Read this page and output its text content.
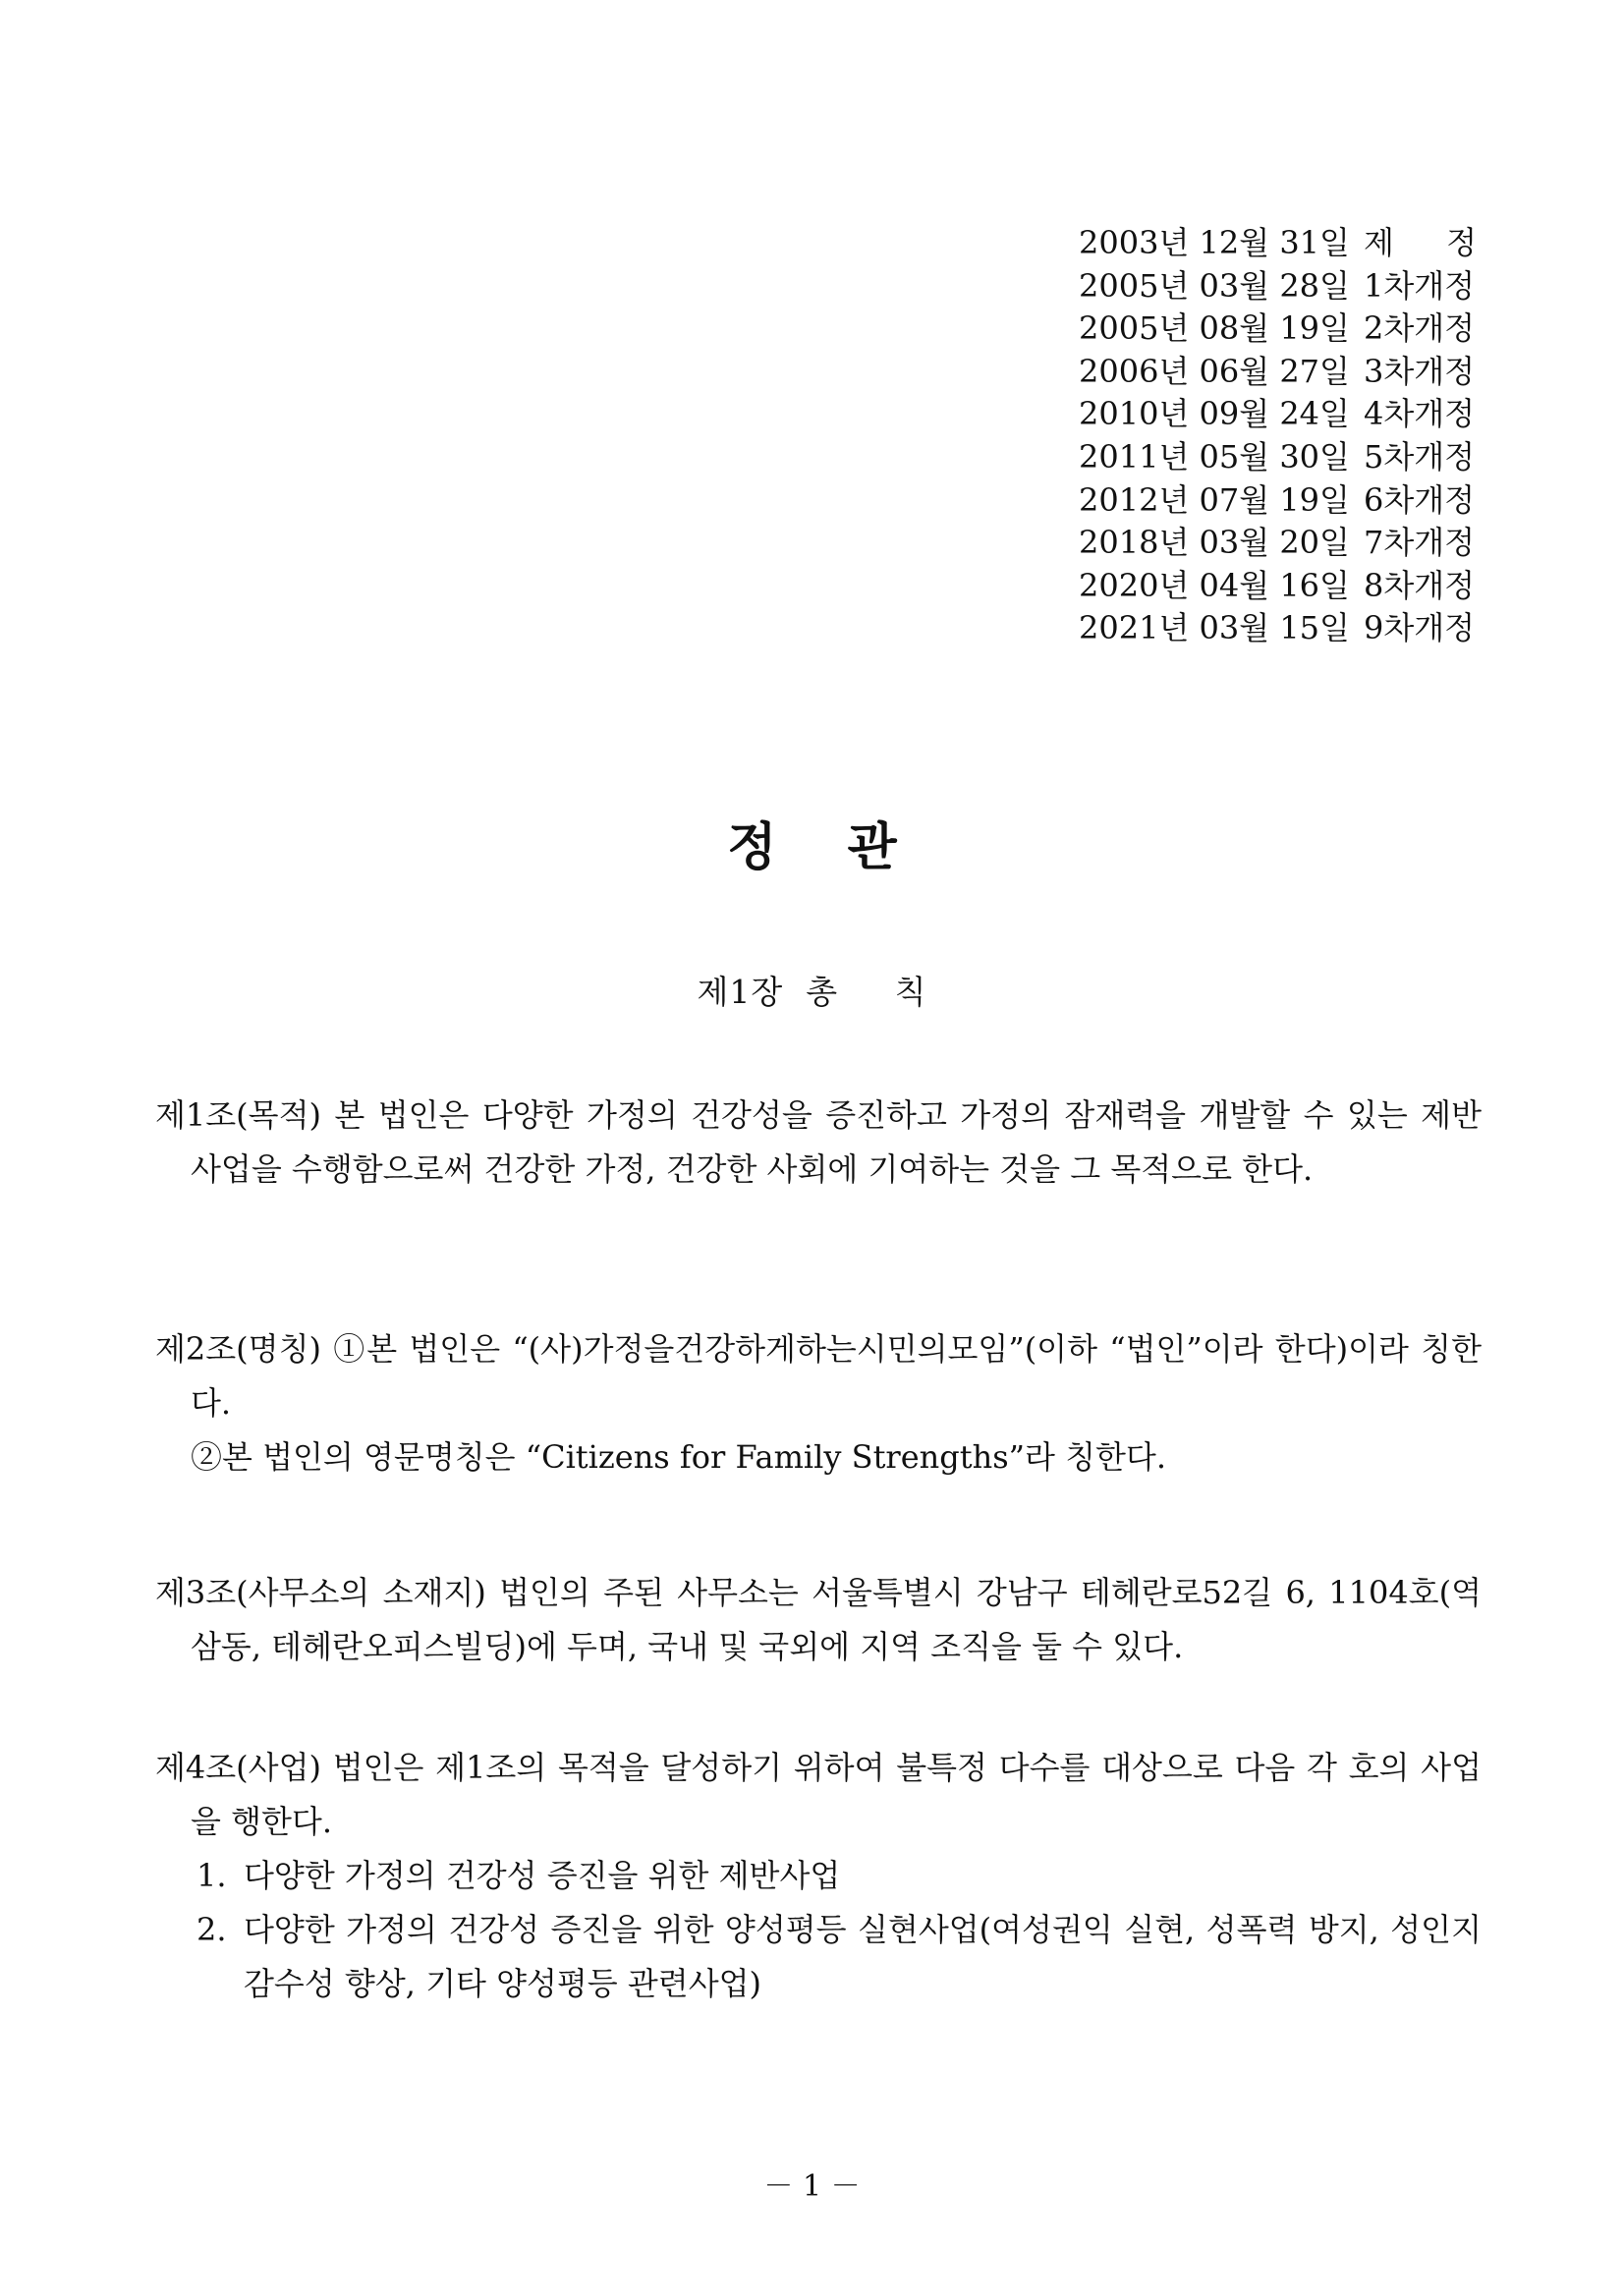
2003년 12월 31일 제 정
2005년 03월 28일 1차개정
2005년 08월 19일 2차개정
2006년 06월 27일 3차개정
2010년 09월 24일 4차개정
2011년 05월 30일 5차개정
2012년 07월 19일 6차개정
2018년 03월 20일 7차개정
2020년 04월 16일 8차개정
2021년 03월 15일 9차개정
정관
제1장  총     칙

제1조(목적) 본 법인은 다양한 가정의 건강성을 증진하고 가정의 잠재력을 개발할 수 있는 제반 사업을 수행함으로써 건강한 가정, 건강한 사회에 기여하는 것을 그 목적으로 한다.

제2조(명칭) ①본 법인은 “(사)가정을건강하게하는시민의모임”(이하 “법인”이라 한다)이라 칭한다.

②본 법인의 영문명칭은 “Citizens for Family Strengths”라 칭한다.

제3조(사무소의 소재지) 법인의 주된 사무소는 서울특별시 강남구 테헤란로52길 6, 1104호(역삼동, 테헤란오피스빌딩)에 두며, 국내 및 국외에 지역 조직을 둘 수 있다.

제4조(사업) 법인은 제1조의 목적을 달성하기 위하여 불특정 다수를 대상으로 다음 각 호의 사업을 행한다.

1. 다양한 가정의 건강성 증진을 위한 제반사업
2. 다양한 가정의 건강성 증진을 위한 양성평등 실현사업(여성권익 실현, 성폭력 방지, 성인지 감수성 향상, 기타 양성평등 관련사업)
－ 1 －
